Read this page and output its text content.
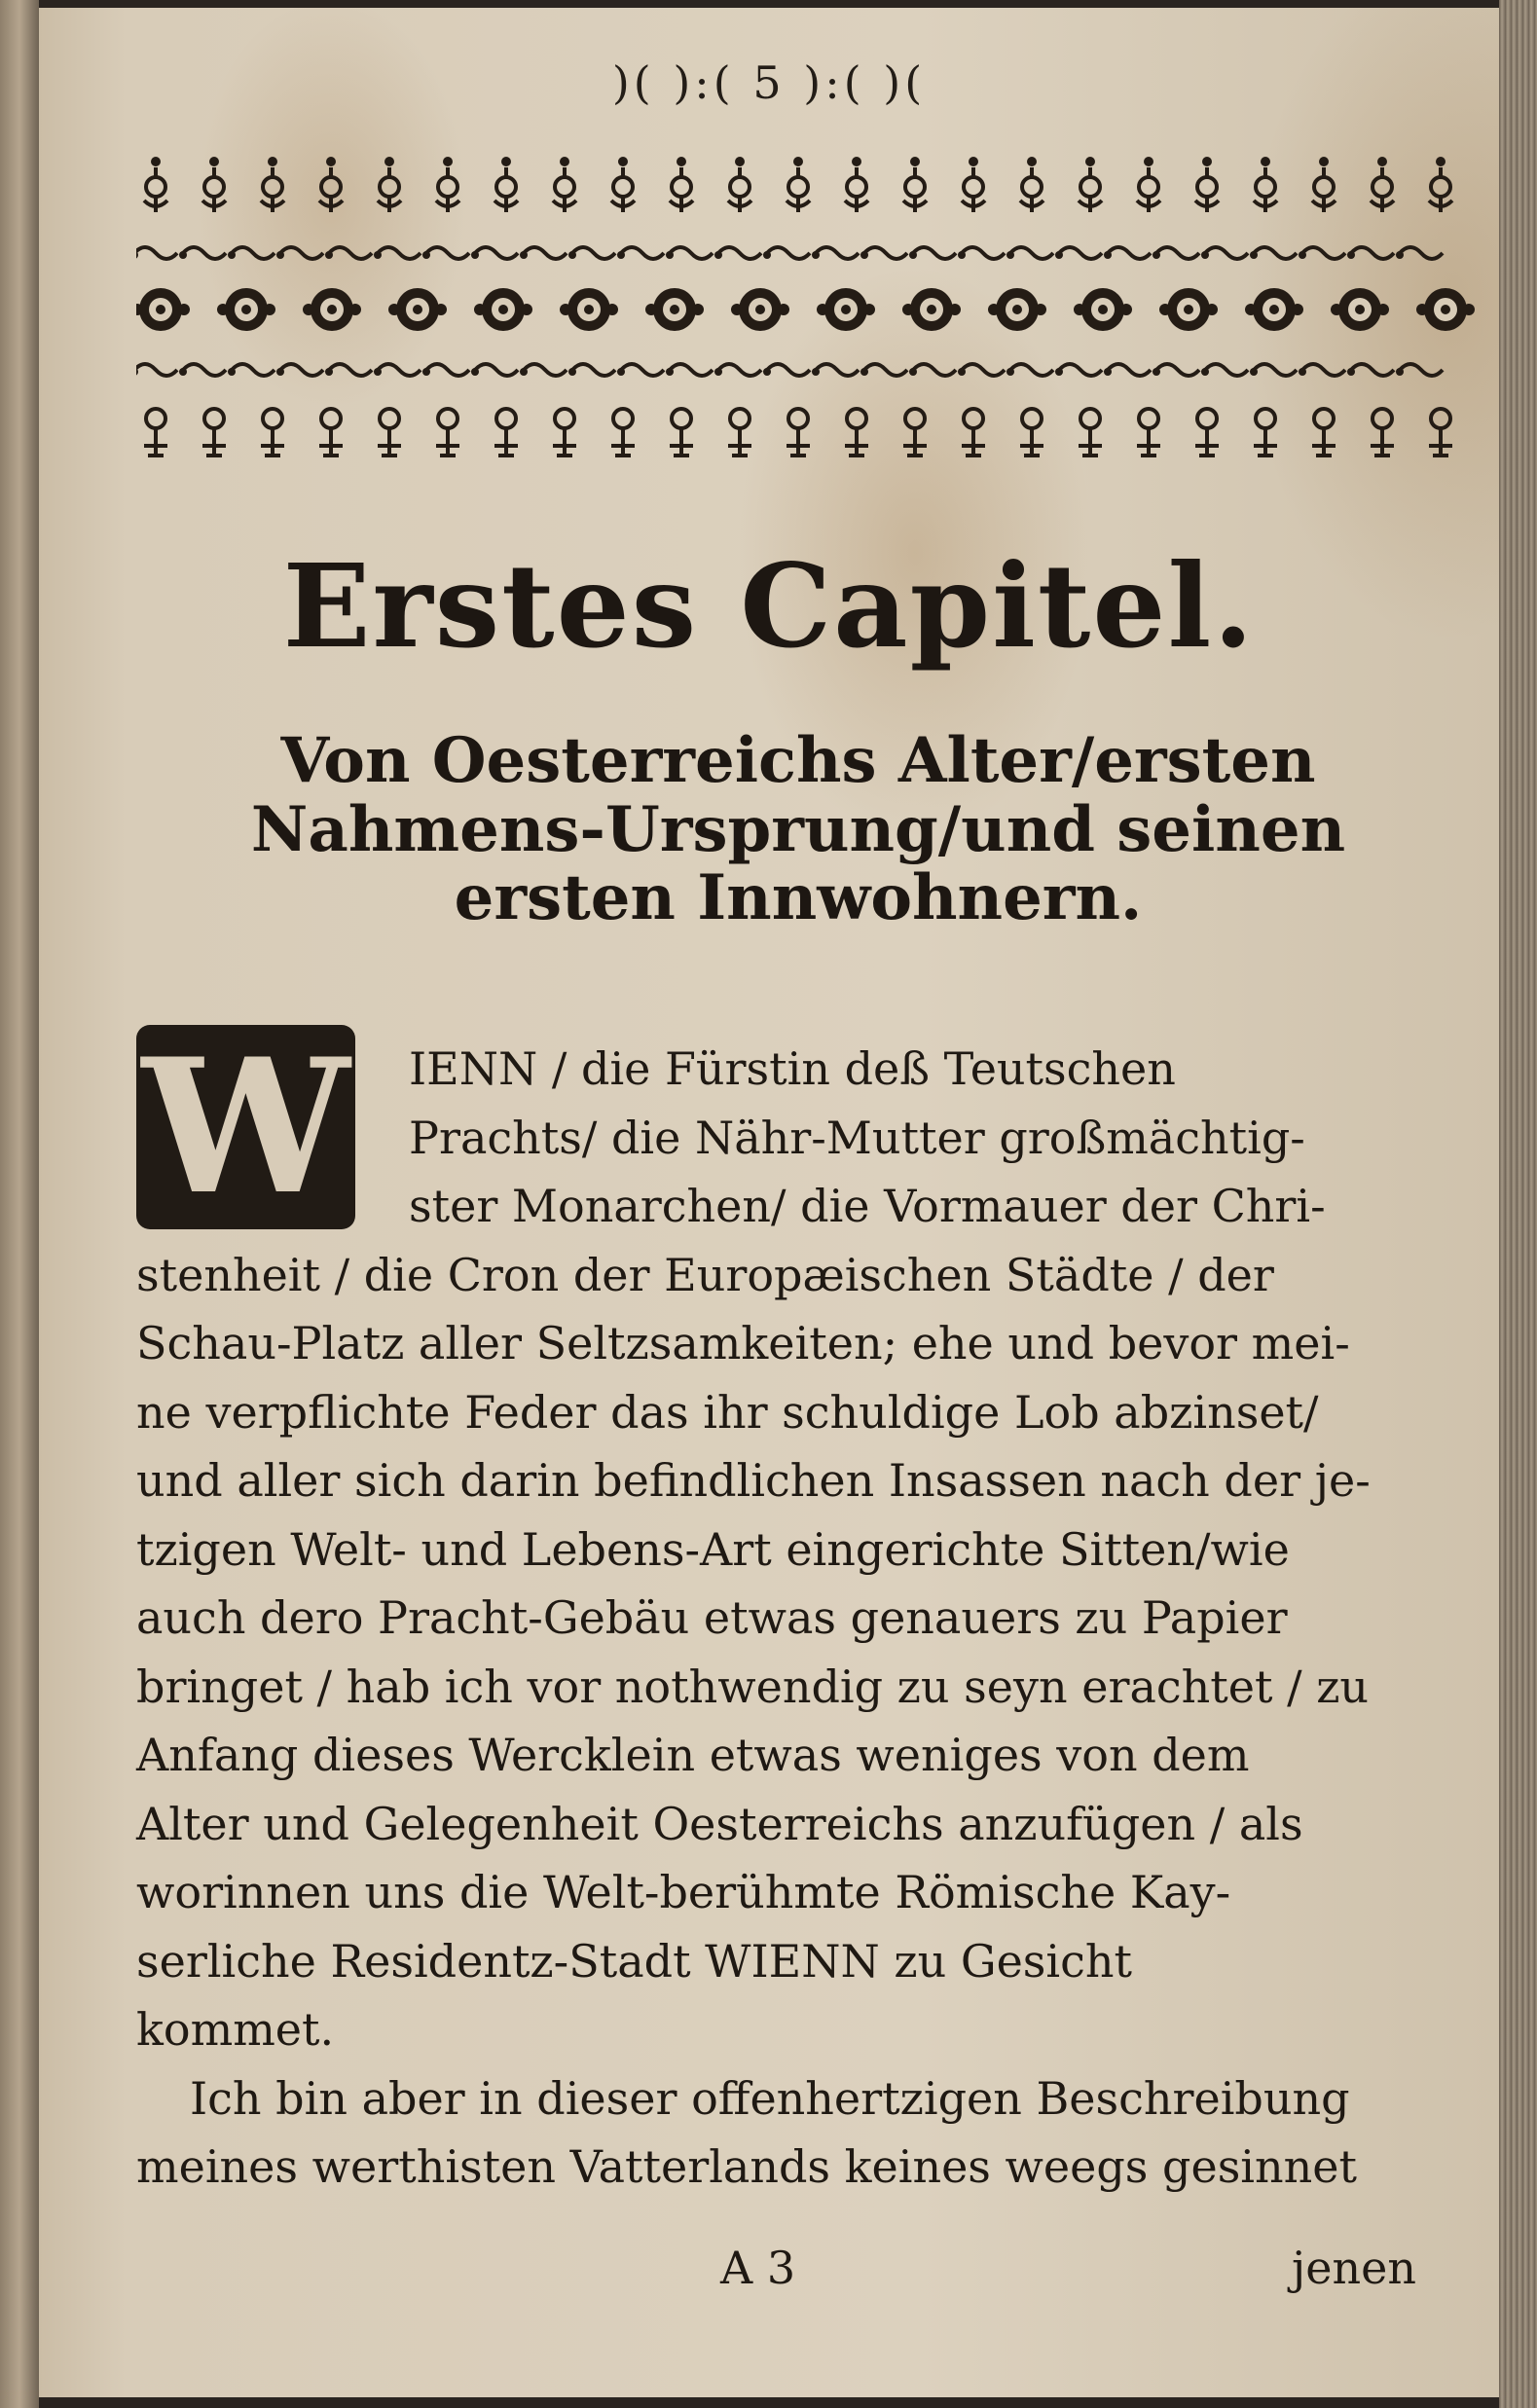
)( ):( 5 ):( )(
Erstes Capitel.
Von Oesterreichs Alter/ersten
Nahmens-Ursprung/und seinen
ersten Innwohnern.
W	IENN / die Fürstin deß Teutschen
Prachts/ die Nähr-Mutter großmächtig-
ster Monarchen/ die Vormauer der Chri-
stenheit / die Cron der Europæischen Städte / der
Schau-Platz aller Seltzsamkeiten; ehe und bevor mei-
ne verpflichte Feder das ihr schuldige Lob abzinset/
und aller sich darin befindlichen Insassen nach der je-
tzigen Welt- und Lebens-Art eingerichte Sitten/wie
auch dero Pracht-Gebäu etwas genauers zu Papier
bringet / hab ich vor nothwendig zu seyn erachtet / zu
Anfang dieses Wercklein etwas weniges von dem
Alter und Gelegenheit Oesterreichs anzufügen / als
worinnen uns die Welt-berühmte Römische Kay-
serliche Residentz-Stadt WIENN zu Gesicht
kommet.
Ich bin aber in dieser offenhertzigen Beschreibung
meines werthisten Vatterlands keines weegs gesinnet
A 3	jenen
